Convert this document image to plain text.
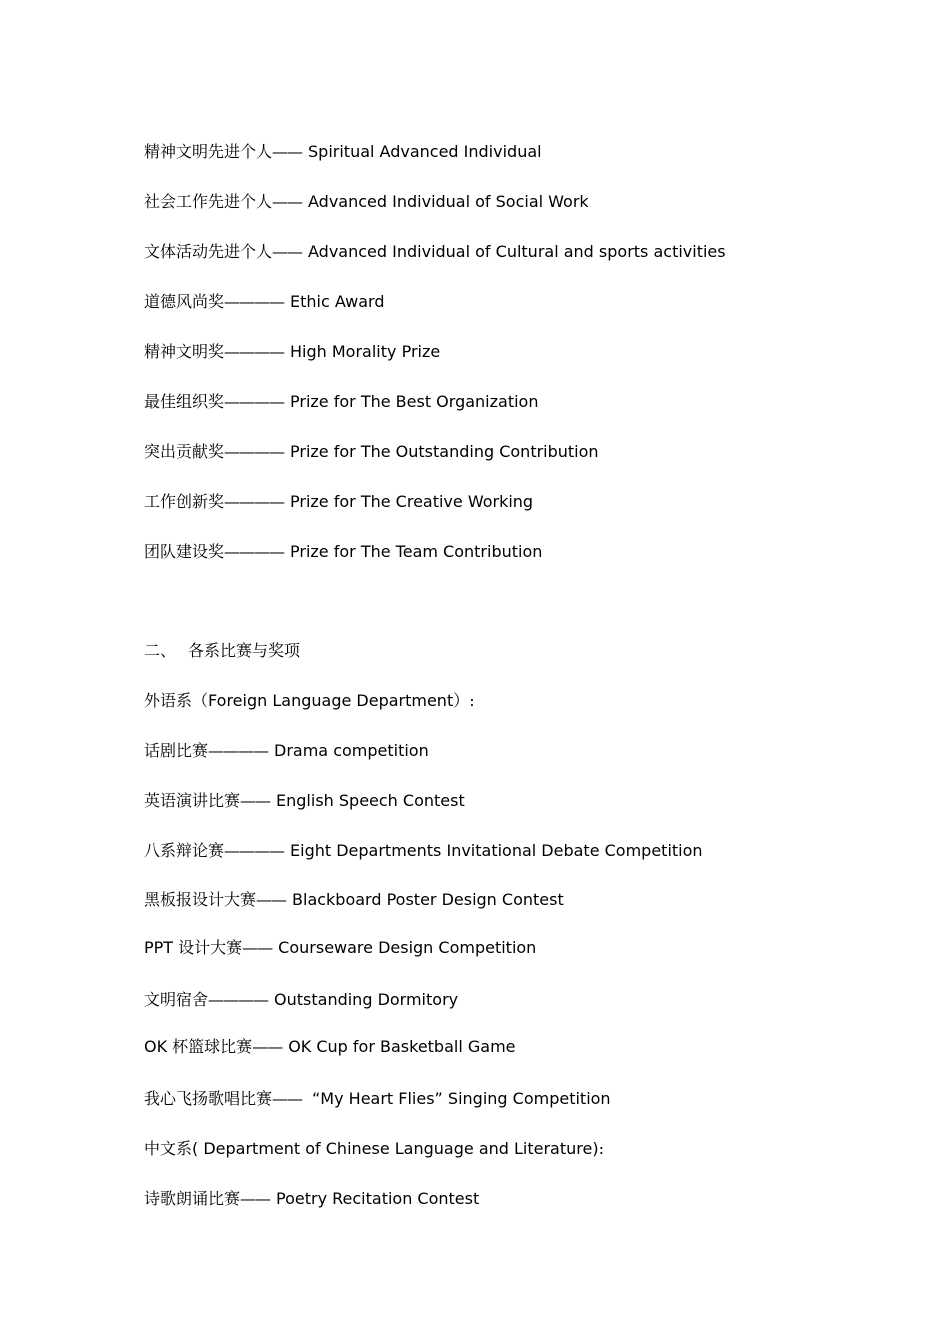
精神文明先进个人—— Spiritual Advanced Individual
社会工作先进个人—— Advanced Individual of Social Work
文体活动先进个人—— Advanced Individual of Cultural and sports activities
道德风尚奖———— Ethic Award
精神文明奖———— High Morality Prize
最佳组织奖———— Prize for The Best Organization
突出贡献奖———— Prize for The Outstanding Contribution
工作创新奖———— Prize for The Creative Working
团队建设奖———— Prize for The Team Contribution
二、 各系比赛与奖项
外语系（Foreign Language Department）:
话剧比赛———— Drama competition
英语演讲比赛—— English Speech Contest
八系辩论赛———— Eight Departments Invitational Debate Competition
黑板报设计大赛—— Blackboard Poster Design Contest
PPT 设计大赛—— Courseware Design Competition
文明宿舍———— Outstanding Dormitory
OK 杯篮球比赛—— OK Cup for Basketball Game
我心飞扬歌唱比赛—— “My Heart Flies” Singing Competition
中文系( Department of Chinese Language and Literature):
诗歌朗诵比赛—— Poetry Recitation Contest
